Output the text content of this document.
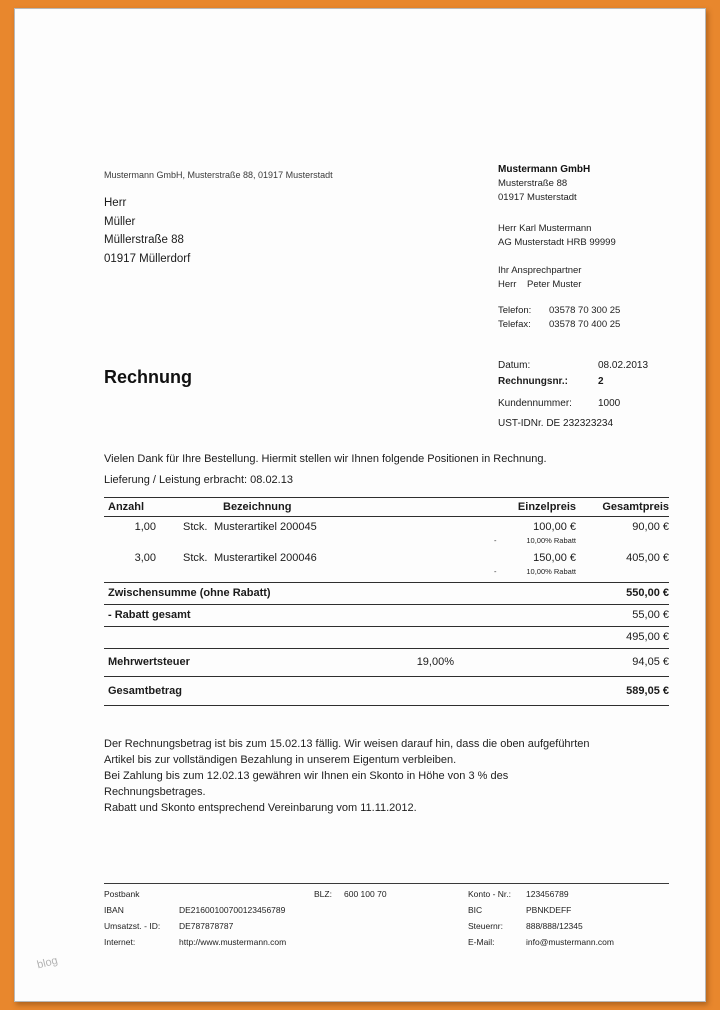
Mustermann GmbH, Musterstraße 88, 01917 Musterstadt
Herr
Müller
Müllerstraße 88
01917 Müllerdorf
Mustermann GmbH
Musterstraße 88
01917 Musterstadt
Herr Karl Mustermann
AG Musterstadt HRB 99999
Ihr Ansprechpartner
Herr    Peter Muster
Telefon: 03578 70 300 25
Telefax: 03578 70 400 25
Rechnung
Datum:	08.02.2013
Rechnungsnr.:	2
Kundennummer:	1000
UST-IDNr. DE 232323234
Vielen Dank für Ihre Bestellung. Hiermit stellen wir Ihnen folgende Positionen in Rechnung.
Lieferung / Leistung erbracht: 08.02.13
Anzahl	Bezeichnung	Einzelpreis	Gesamtpreis
1,00	Stck. Musterartikel 200045	100,00 €	90,00 €
-	10,00% Rabatt
3,00	Stck. Musterartikel 200046	150,00 €	405,00 €
-	10,00% Rabatt
Zwischensumme (ohne Rabatt)	550,00 €
- Rabatt gesamt	55,00 €
495,00 €
Mehrwertsteuer	19,00%	94,05 €
Gesamtbetrag	589,05 €
Der Rechnungsbetrag ist bis zum 15.02.13 fällig. Wir weisen darauf hin, dass die oben aufgeführten Artikel bis zur vollständigen Bezahlung in unserem Eigentum verbleiben.
Bei Zahlung bis zum 12.02.13 gewähren wir Ihnen ein Skonto in Höhe von 3 % des Rechnungsbetrages.
Rabatt und Skonto entsprechend Vereinbarung vom 11.11.2012.
Postbank	BLZ: 600 100 70	Konto - Nr.: 123456789
IBAN	DE21600100700123456789	BIC	PBNKDEFF
Umsatzst. - ID: DE787878787	Steuernr:	888/888/12345
Internet:	http://www.mustermann.com	E-Mail:	info@mustermann.com
blog
